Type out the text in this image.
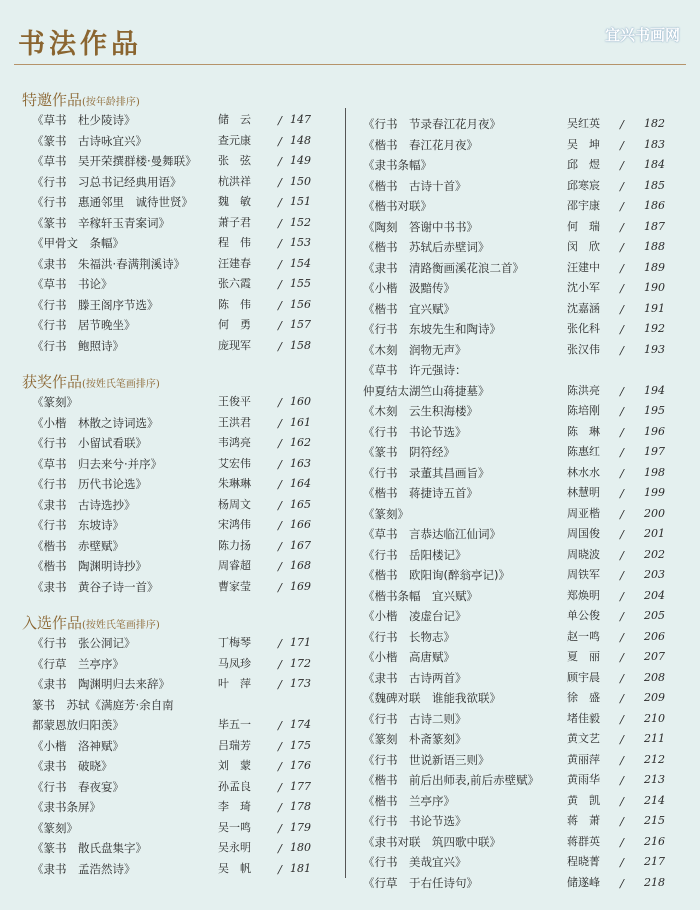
书法作品	宜兴书画网
特邀作品(按年龄排序)
《草书　杜少陵诗》	储　云 / 147
《篆书　古诗咏宜兴》	查元康 / 148
《草书　吴开荣撰群楼·曼舞联》 张　弦 / 149
《行书　习总书记经典用语》	杭洪祥 / 150
《行书　惠通邻里　诚待世贤》 魏　敏 / 151
《篆书　辛稼轩玉青案词》	萧子君 / 152
《甲骨文　条幅》	程　伟 / 153
《隶书　朱福洪·春满荆溪诗》	汪建春 / 154
《草书　书论》	张六霞 / 155
《行书　滕王阁序节选》	陈　伟 / 156
《行书　居节晚坐》	何　勇 / 157
《行书　鲍照诗》	庞现军 / 158
获奖作品(按姓氏笔画排序)
《篆刻》	王俊平 / 160
《小楷　林散之诗词选》	王洪君 / 161
《行书　小留试看联》	韦鸿亮 / 162
《草书　归去来兮·并序》	艾宏伟 / 163
《行书　历代书论选》	朱琳琳 / 164
《隶书　古诗选抄》	杨周文 / 165
《行书　东坡诗》	宋鸿伟 / 166
《楷书　赤壁赋》	陈力扬 / 167
《楷书　陶渊明诗抄》	周睿超 / 168
《隶书　黄谷子诗一首》	曹家莹 / 169
入选作品(按姓氏笔画排序)
《行书　张公洞记》	丁梅琴 / 171
《行草　兰亭序》	马凤珍 / 172
《隶书　陶渊明归去来辞》	叶　萍 / 173
篆书　苏轼《满庭芳·余自南
都蒙恩放归阳羡》	毕五一 / 174
《小楷　洛神赋》	吕瑞芳 / 175
《隶书　破晓》	刘　蒙 / 176
《行书　春夜宴》	孙孟良 / 177
《隶书条屏》	李　琦 / 178
《篆刻》	吴一鸣 / 179
《篆书　散氏盘集字》	吴永明 / 180
《隶书　孟浩然诗》	吴　帆 / 181
《行书　节录春江花月夜》	吴红英 / 182
《楷书　春江花月夜》	吴　坤 / 183
《隶书条幅》	邱　煜 / 184
《楷书　古诗十首》	邱寒宸 / 185
《楷书对联》	邵宇康 / 186
《陶刻　答谢中书书》	何　瑞 / 187
《楷书　苏轼后赤壁词》	闵　欣 / 188
《隶书　清路衡画溪花浪二首》	汪建中 / 189
《小楷　汲黯传》	沈小军 / 190
《楷书　宜兴赋》	沈嘉涵 / 191
《行书　东坡先生和陶诗》	张化科 / 192
《木刻　润物无声》	张汉伟 / 193
《草书　许元强诗：
仲夏结太湖竺山蒋捷墓》	陈洪亮 / 194
《木刻　云生积海楼》	陈培刚 / 195
《行书　书论节选》	陈　琳 / 196
《篆书　阴符经》	陈惠红 / 197
《行书　录董其昌画旨》	林水水 / 198
《楷书　蒋捷诗五首》	林慧明 / 199
《篆刻》	周亚楷 / 200
《草书　言恭达临江仙词》	周国俊 / 201
《行书　岳阳楼记》	周晓波 / 202
《楷书　欧阳询(醉翁亭记)》	周铁军 / 203
《楷书条幅　宜兴赋》	郑焕明 / 204
《小楷　凌虚台记》	单公俊 / 205
《行书　长物志》	赵一鸣 / 206
《小楷　高唐赋》	夏　丽 / 207
《隶书　古诗两首》	顾宇晨 / 208
《魏碑对联　谁能我欲联》	徐　盛 / 209
《行书　古诗二则》	堵佳毅 / 210
《篆刻　朴斋篆刻》	黄文艺 / 211
《行书　世说新语三则》	黄丽萍 / 212
《楷书　前后出师表,前后赤壁赋》	黄雨华 / 213
《楷书　兰亭序》	黄　凯 / 214
《行书　书论节选》	蒋　萧 / 215
《隶书对联　筑四歌中联》	蒋群英 / 216
《行书　美哉宜兴》	程晓菁 / 217
《行草　于右任诗句》	储遂峰 / 218
